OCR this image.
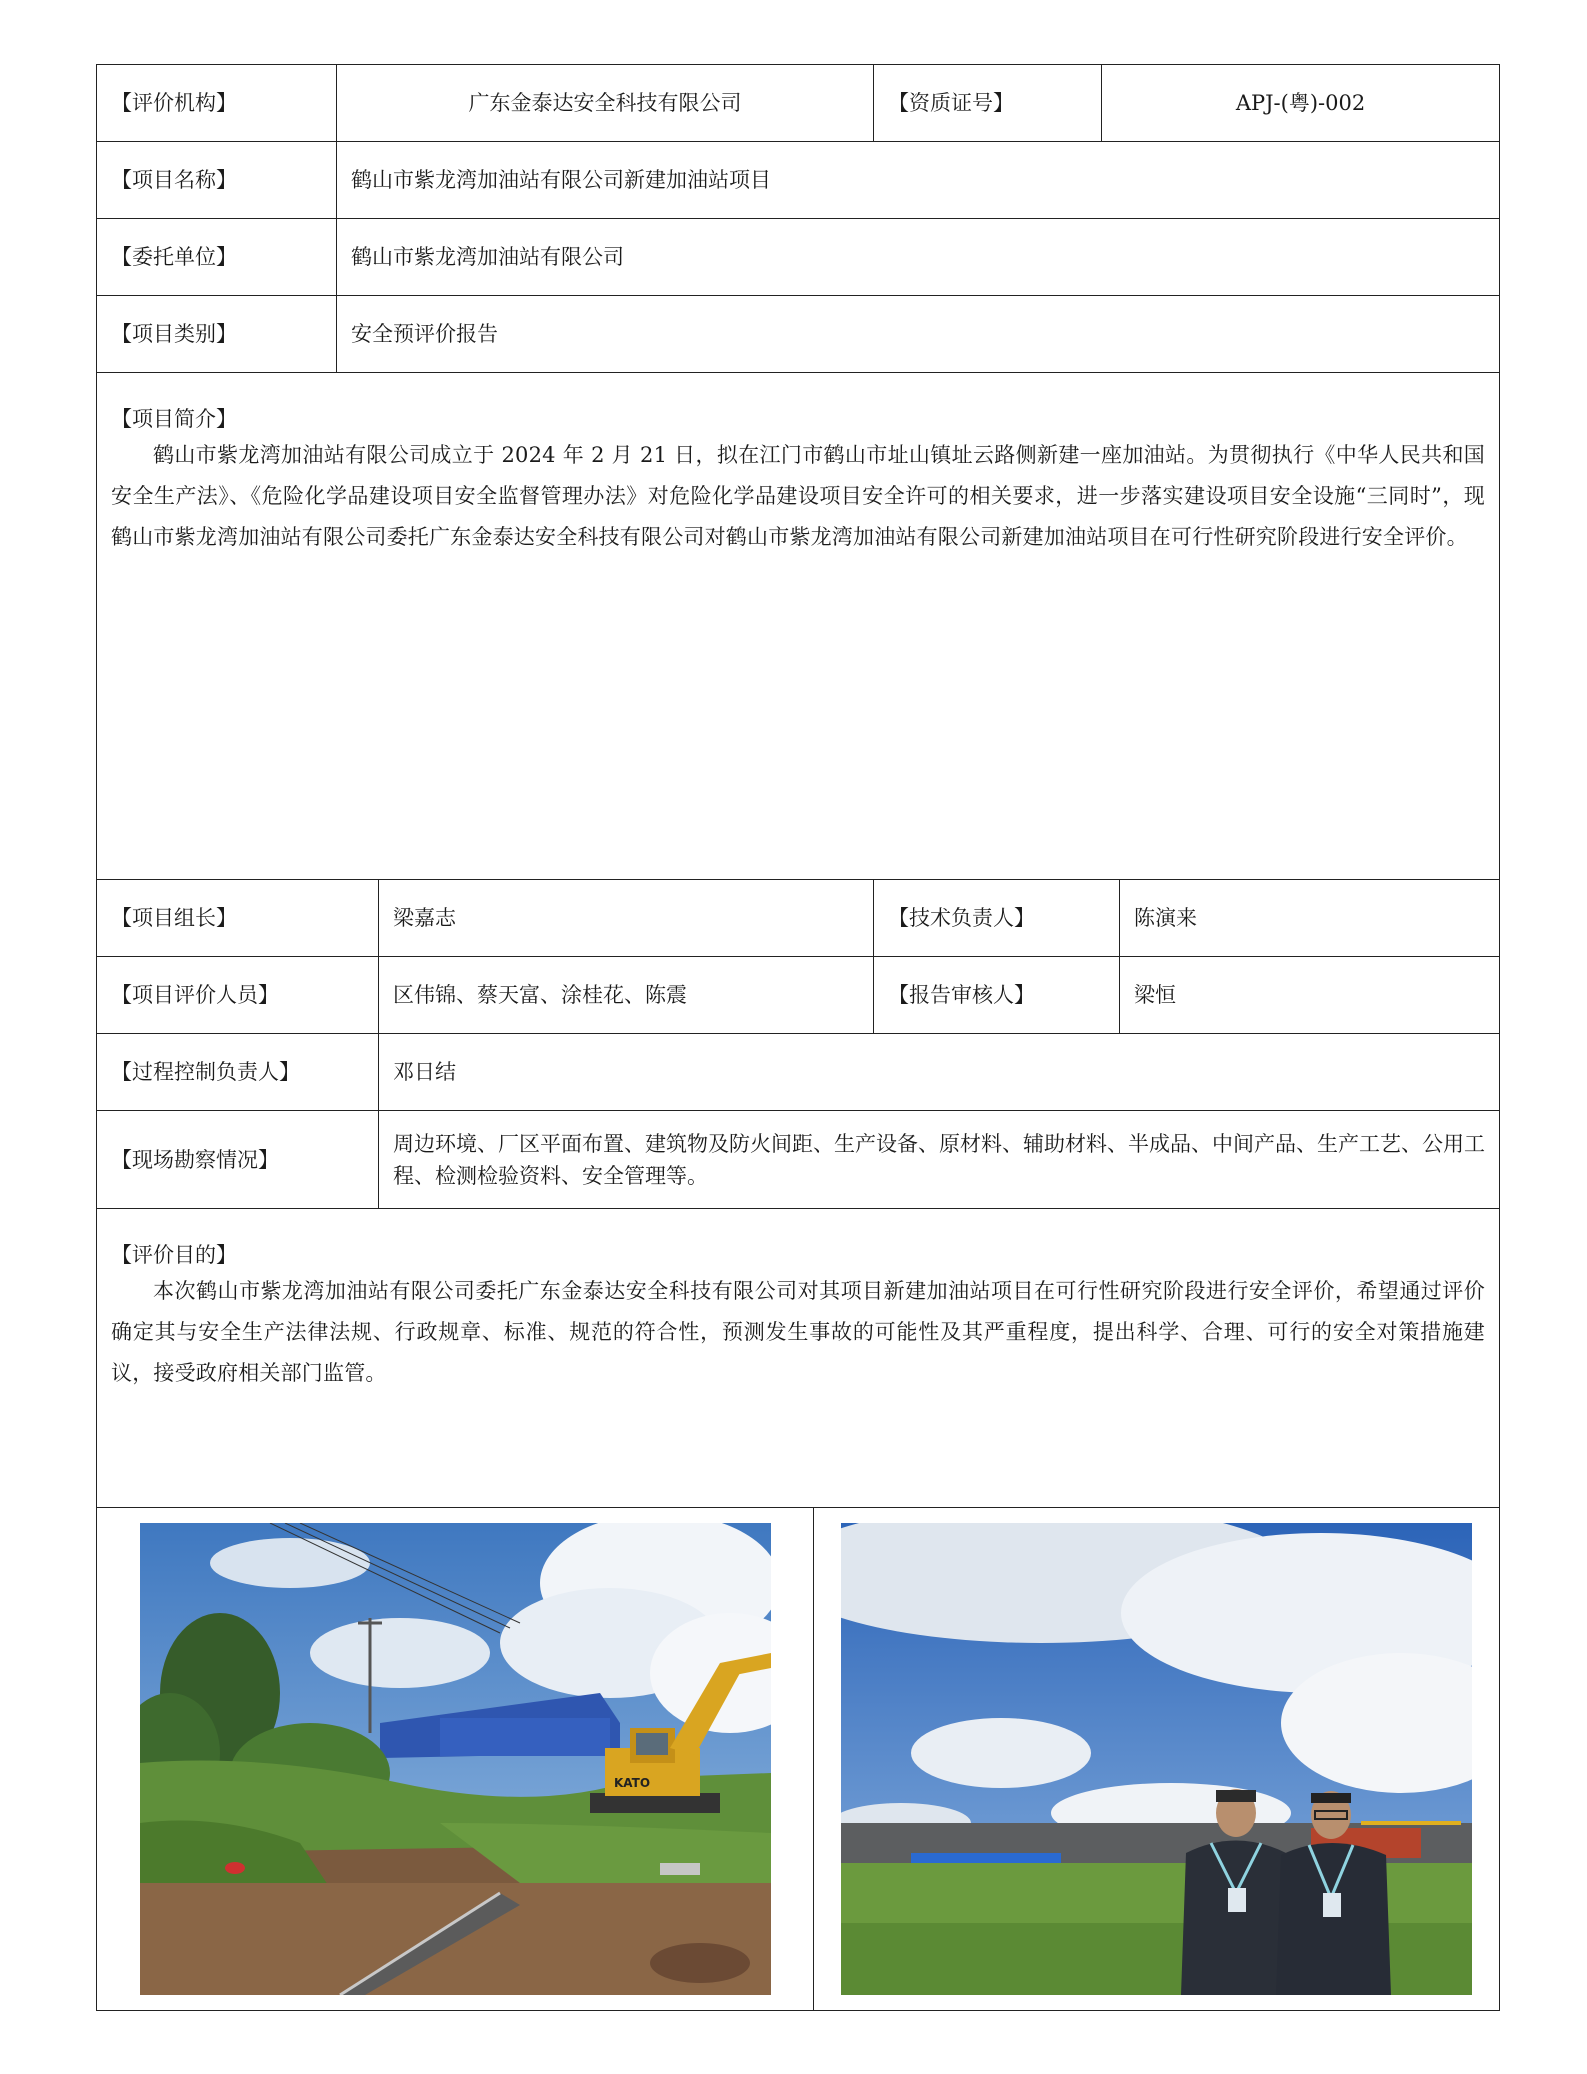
【评价机构】	广东金泰达安全科技有限公司	【资质证号】	APJ-(粤)-002
【项目名称】	鹤山市紫龙湾加油站有限公司新建加油站项目
【委托单位】	鹤山市紫龙湾加油站有限公司
【项目类别】	安全预评价报告
【项目简介】

鹤山市紫龙湾加油站有限公司成立于 2024 年 2 月 21 日，拟在江门市鹤山市址山镇址云路侧新建一座加油站。为贯彻执行《中华人民共和国安全生产法》、《危险化学品建设项目安全监督管理办法》对危险化学品建设项目安全许可的相关要求，进一步落实建设项目安全设施“三同时”，现鹤山市紫龙湾加油站有限公司委托广东金泰达安全科技有限公司对鹤山市紫龙湾加油站有限公司新建加油站项目在可行性研究阶段进行安全评价。

【项目组长】	梁嘉志	【技术负责人】	陈演来
【项目评价人员】	区伟锦、蔡天富、涂桂花、陈震	【报告审核人】	梁恒
【过程控制负责人】	邓日结
【现场勘察情况】
周边环境、厂区平面布置、建筑物及防火间距、生产设备、原材料、辅助材料、半成品、中间产品、生产工艺、公用工程、检测检验资料、安全管理等。
【评价目的】

本次鹤山市紫龙湾加油站有限公司委托广东金泰达安全科技有限公司对其项目新建加油站项目在可行性研究阶段进行安全评价，希望通过评价确定其与安全生产法律法规、行政规章、标准、规范的符合性，预测发生事故的可能性及其严重程度，提出科学、合理、可行的安全对策措施建议，接受政府相关部门监管。

KATO
